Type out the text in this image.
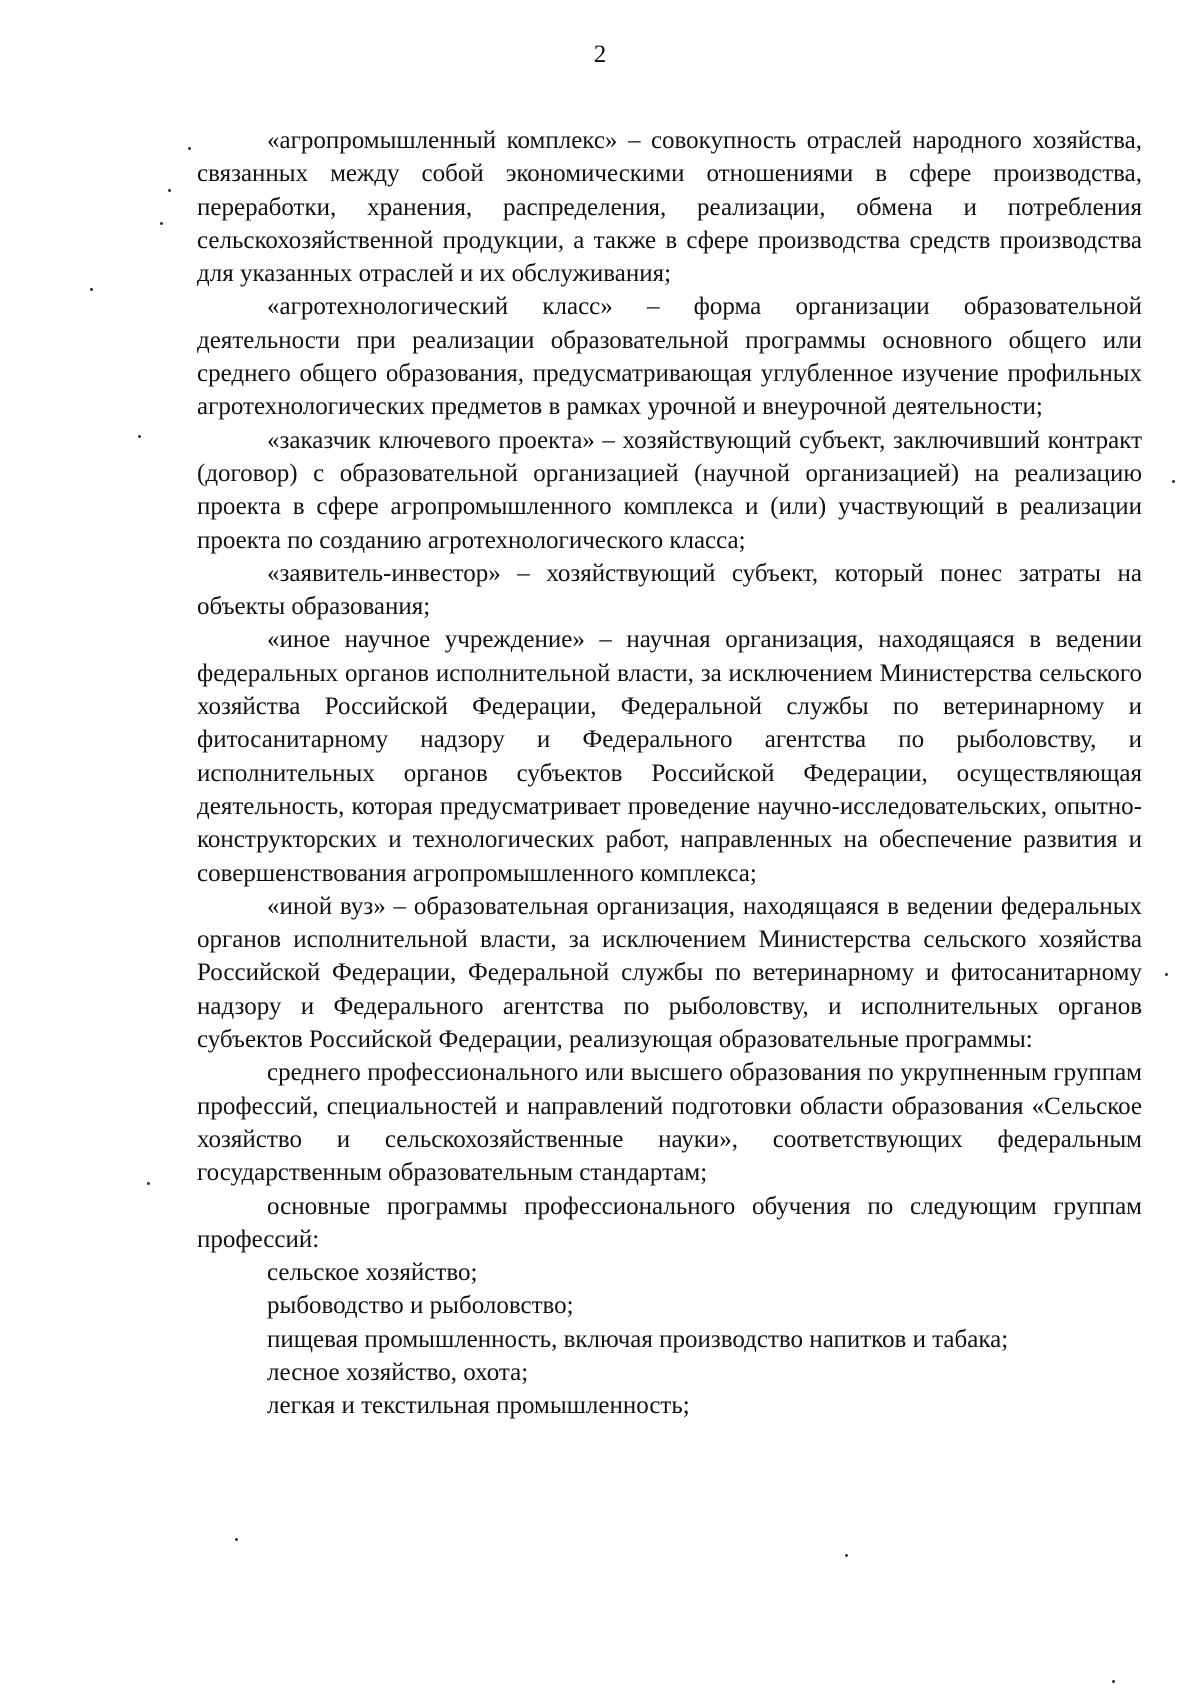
2

«агропромышленный комплекс» – совокупность отраслей народного хозяйства, связанных между собой экономическими отношениями в сфере производства, переработки, хранения, распределения, реализации, обмена и потребления сельскохозяйственной продукции, а также в сфере производства средств производства для указанных отраслей и их обслуживания;

«агротехнологический класс» – форма организации образовательной деятельности при реализации образовательной программы основного общего или среднего общего образования, предусматривающая углубленное изучение профильных агротехнологических предметов в рамках урочной и внеурочной деятельности;

«заказчик ключевого проекта» – хозяйствующий субъект, заключивший контракт (договор) с образовательной организацией (научной организацией) на реализацию проекта в сфере агропромышленного комплекса и (или) участвующий в реализации проекта по созданию агротехнологического класса;

«заявитель-инвестор» – хозяйствующий субъект, который понес затраты на объекты образования;

«иное научное учреждение» – научная организация, находящаяся в ведении федеральных органов исполнительной власти, за исключением Министерства сельского хозяйства Российской Федерации, Федеральной службы по ветеринарному и фитосанитарному надзору и Федерального агентства по рыболовству, и исполнительных органов субъектов Российской Федерации, осуществляющая деятельность, которая предусматривает проведение научно-исследовательских, опытно-конструкторских и технологических работ, направленных на обеспечение развития и совершенствования агропромышленного комплекса;

«иной вуз» – образовательная организация, находящаяся в ведении федеральных органов исполнительной власти, за исключением Министерства сельского хозяйства Российской Федерации, Федеральной службы по ветеринарному и фитосанитарному надзору и Федерального агентства по рыболовству, и исполнительных органов субъектов Российской Федерации, реализующая образовательные программы:

среднего профессионального или высшего образования по укрупненным группам профессий, специальностей и направлений подготовки области образования «Сельское хозяйство и сельскохозяйственные науки», соответствующих федеральным государственным образовательным стандартам;

основные программы профессионального обучения по следующим группам профессий:

сельское хозяйство;

рыбоводство и рыболовство;

пищевая промышленность, включая производство напитков и табака;

лесное хозяйство, охота;

легкая и текстильная промышленность;
